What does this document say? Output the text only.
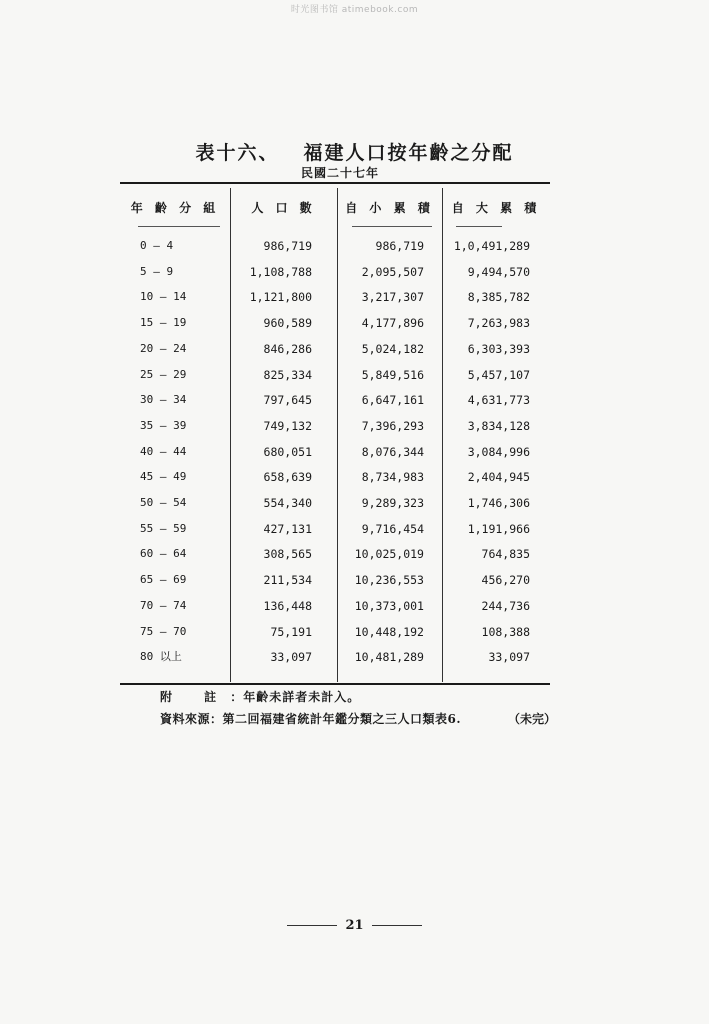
时光图书馆 atimebook.com
表十六、 福建人口按年齡之分配
民國二十七年
年 齡 分 組	人 口 數	自 小 累 積	自 大 累 積
0 — 4	986,719	986,719	1,0,491,289
5 — 9	1,108,788	2,095,507	9,494,570
10 — 14	1,121,800	3,217,307	8,385,782
15 — 19	960,589	4,177,896	7,263,983
20 — 24	846,286	5,024,182	6,303,393
25 — 29	825,334	5,849,516	5,457,107
30 — 34	797,645	6,647,161	4,631,773
35 — 39	749,132	7,396,293	3,834,128
40 — 44	680,051	8,076,344	3,084,996
45 — 49	658,639	8,734,983	2,404,945
50 — 54	554,340	9,289,323	1,746,306
55 — 59	427,131	9,716,454	1,191,966
60 — 64	308,565	10,025,019	764,835
65 — 69	211,534	10,236,553	456,270
70 — 74	136,448	10,373,001	244,736
75 — 70	75,191	10,448,192	108,388
80 以上	33,097	10,481,289	33,097
附 註：年齡未詳者未計入。
資料來源：第二回福建省統計年鑑分類之三人口類表6.	（未完）
21
